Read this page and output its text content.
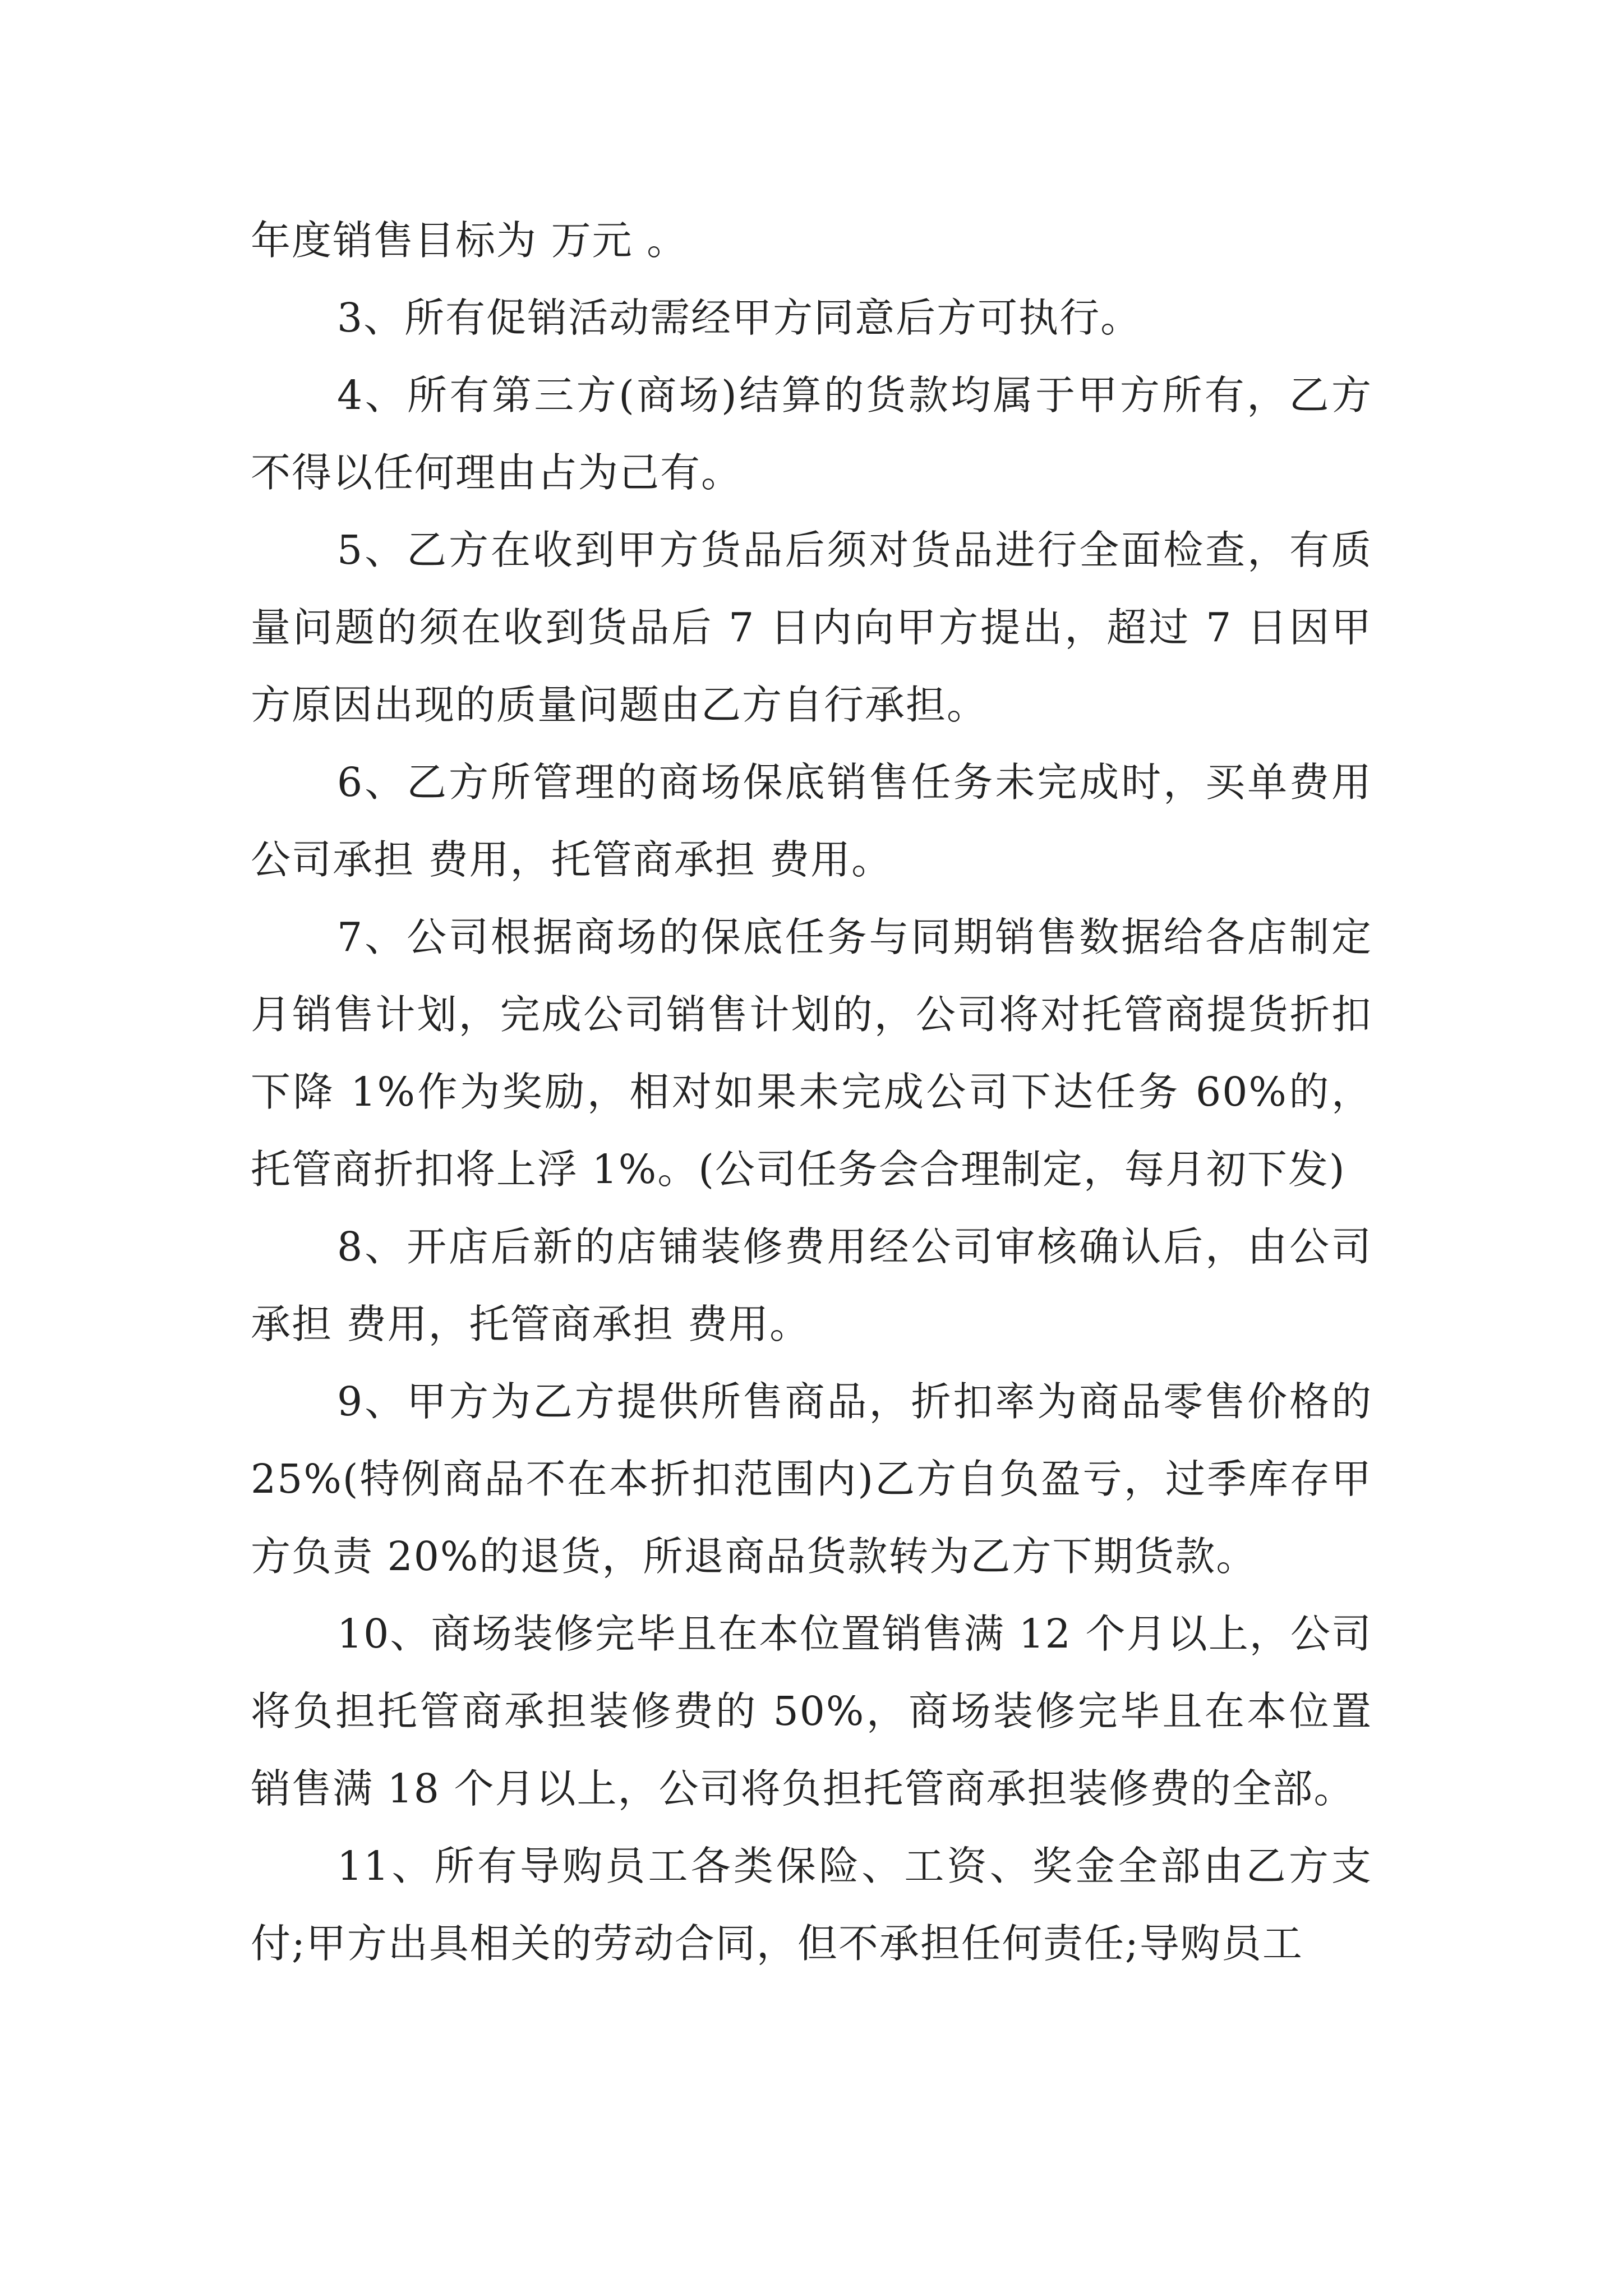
年度销售目标为 万元 。

3、所有促销活动需经甲方同意后方可执行。

4、所有第三方(商场)结算的货款均属于甲方所有，乙方不得以任何理由占为己有。

5、乙方在收到甲方货品后须对货品进行全面检查，有质量问题的须在收到货品后 7 日内向甲方提出，超过 7 日因甲方原因出现的质量问题由乙方自行承担。

6、乙方所管理的商场保底销售任务未完成时，买单费用公司承担 费用，托管商承担 费用。

7、公司根据商场的保底任务与同期销售数据给各店制定月销售计划，完成公司销售计划的，公司将对托管商提货折扣下降 1%作为奖励，相对如果未完成公司下达任务 60%的，托管商折扣将上浮 1%。(公司任务会合理制定，每月初下发)

8、开店后新的店铺装修费用经公司审核确认后，由公司承担 费用，托管商承担 费用。

9、甲方为乙方提供所售商品，折扣率为商品零售价格的 25%(特例商品不在本折扣范围内)乙方自负盈亏，过季库存甲方负责 20%的退货，所退商品货款转为乙方下期货款。

10、商场装修完毕且在本位置销售满 12 个月以上，公司将负担托管商承担装修费的 50%，商场装修完毕且在本位置销售满 18 个月以上，公司将负担托管商承担装修费的全部。

11、所有导购员工各类保险、工资、奖金全部由乙方支付;甲方出具相关的劳动合同，但不承担任何责任;导购员工
